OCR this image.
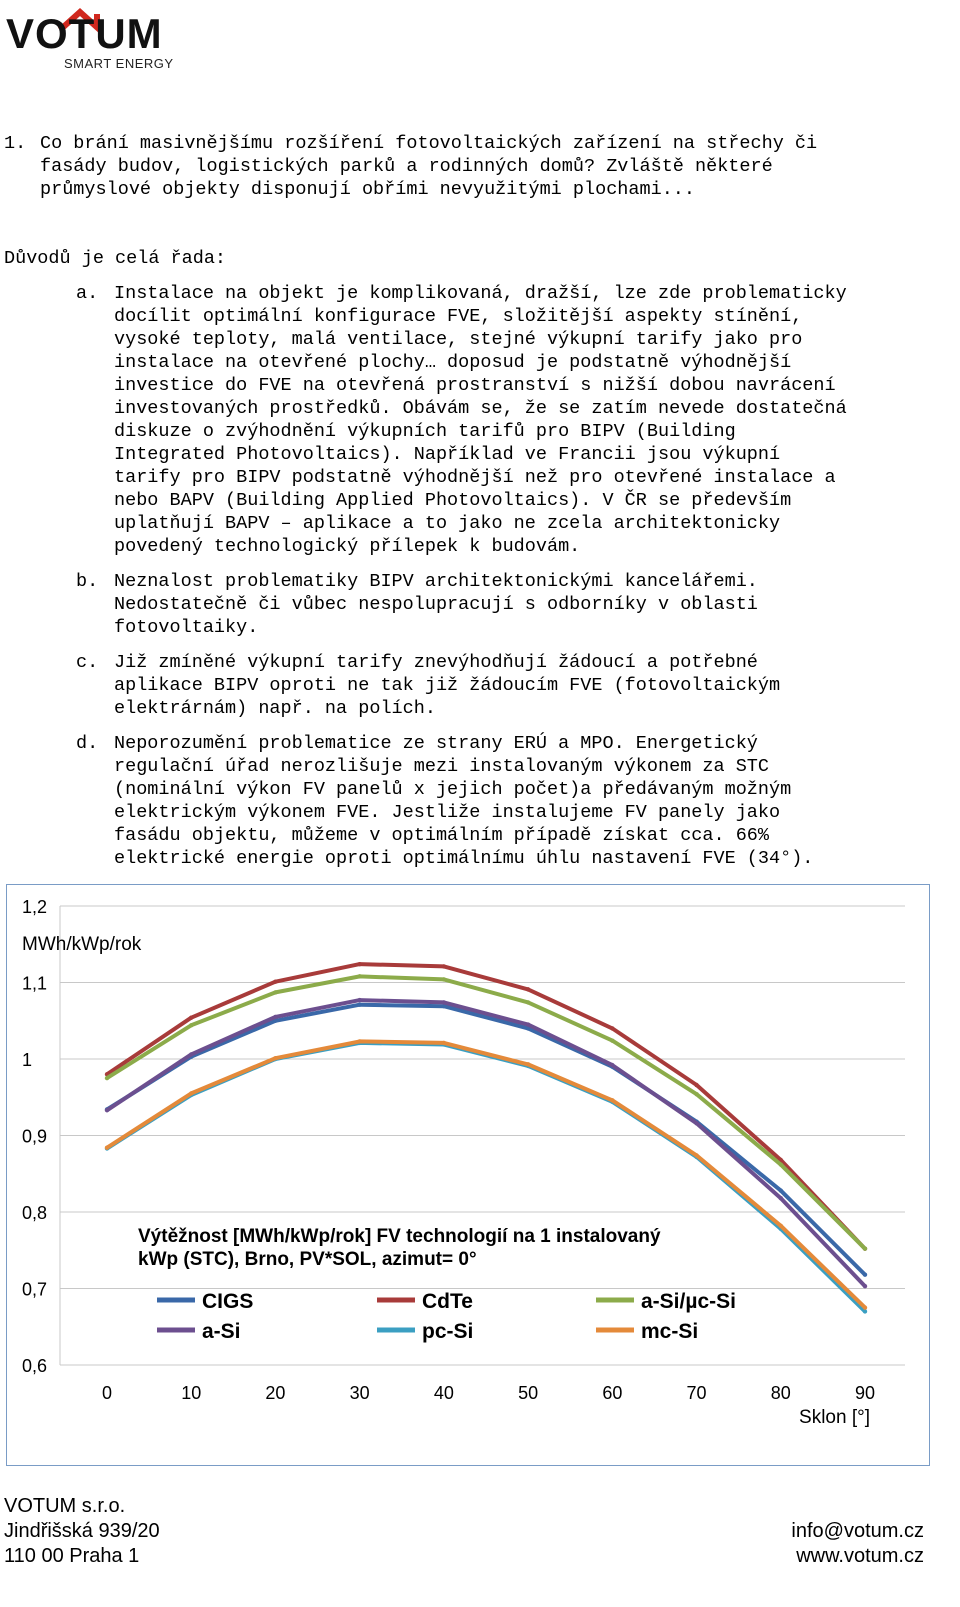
VOTUM
SMART ENERGY
1. Co brání masivnějšímu rozšíření fotovoltaických zařízení na střechy či
fasády budov, logistických parků a rodinných domů? Zvláště některé
průmyslové objekty disponují obřími nevyužitými plochami...
Důvodů je celá řada:
a. Instalace na objekt je komplikovaná, dražší, lze zde problematicky
docílit optimální konfigurace FVE, složitější aspekty stínění,
vysoké teploty, malá ventilace, stejné výkupní tarify jako pro
instalace na otevřené plochy… doposud je podstatně výhodnější
investice do FVE na otevřená prostranství s nižší dobou navrácení
investovaných prostředků. Obávám se, že se zatím nevede dostatečná
diskuze o zvýhodnění výkupních tarifů pro BIPV (Building
Integrated Photovoltaics). Například ve Francii jsou výkupní
tarify pro BIPV podstatně výhodnější než pro otevřené instalace a
nebo BAPV (Building Applied Photovoltaics). V ČR se především
uplatňují BAPV – aplikace a to jako ne zcela architektonicky
povedený technologický přílepek k budovám.
b. Neznalost problematiky BIPV architektonickými kancelářemi.
Nedostatečně či vůbec nespolupracují s odborníky v oblasti
fotovoltaiky.
c. Již zmíněné výkupní tarify znevýhodňují žádoucí a potřebné
aplikace BIPV oproti ne tak již žádoucím FVE (fotovoltaickým
elektrárnám) např. na polích.
d. Neporozumění problematice ze strany ERÚ a MPO. Energetický
regulační úřad nerozlišuje mezi instalovaným výkonem za STC
(nominální výkon FV panelů x jejich počet)a předávaným možným
elektrickým výkonem FVE. Jestliže instalujeme FV panely jako
fasádu objektu, můžeme v optimálním případě získat cca. 66%
elektrické energie oproti optimálnímu úhlu nastavení FVE (34°).
0,6
0,7
0,8
0,9
1
1,1
1,2
0	10	20	30	40	50	60	70	80	90
MWh/kWp/rok
Sklon [°]
Výtěžnost [MWh/kWp/rok] FV technologií na 1 instalovaný
kWp (STC), Brno, PV*SOL, azimut= 0°
CIGS	CdTe	a-Si/µc-Si
a-Si	pc-Si	mc-Si
VOTUM s.r.o.
Jindřišská 939/20
110 00 Praha 1
info@votum.cz
www.votum.cz
